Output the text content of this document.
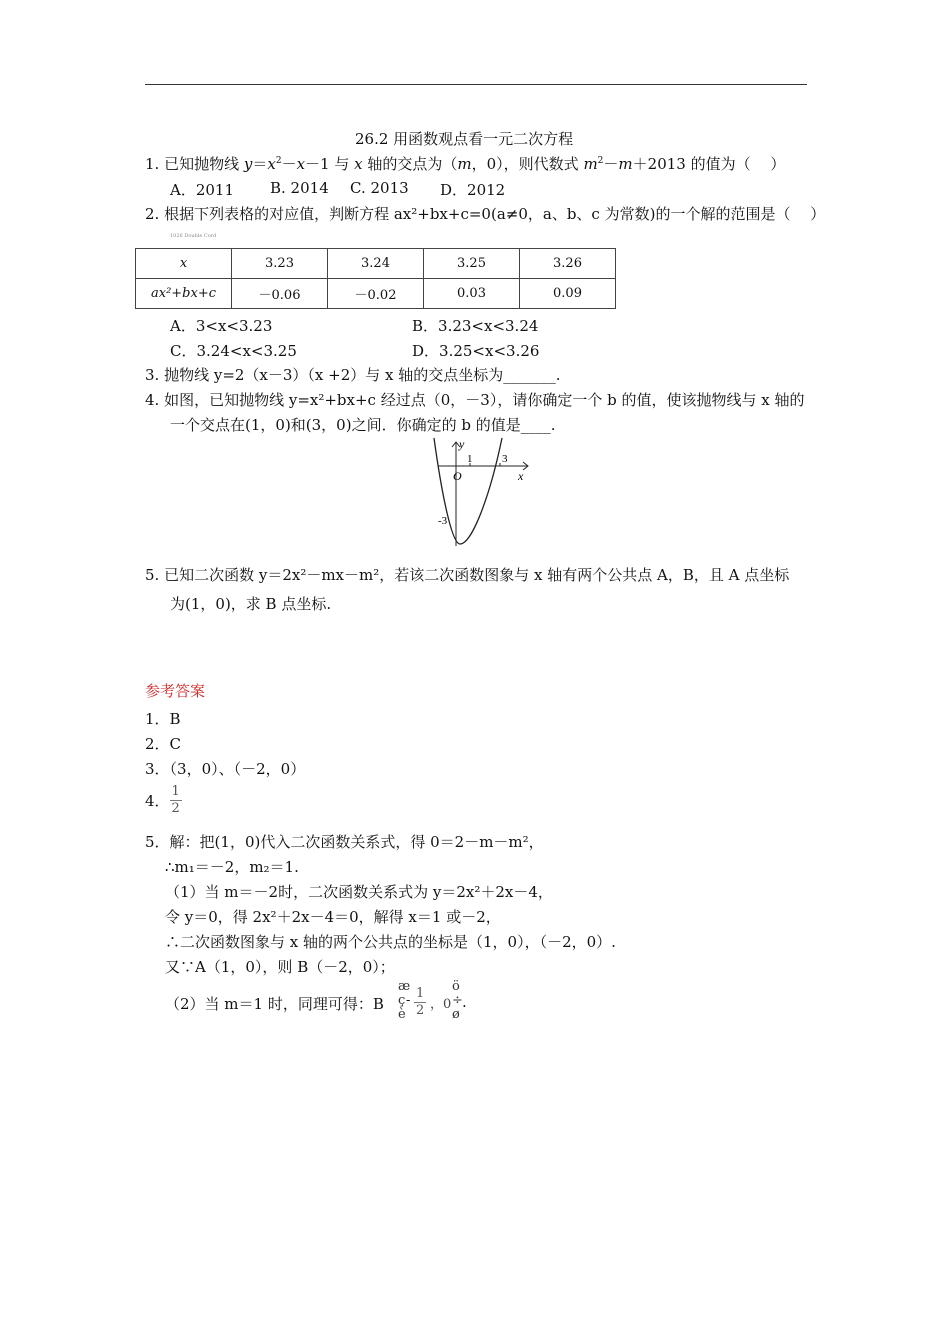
26.2 用函数观点看一元二次方程
1. 已知抛物线 $y=x^2-x-1$ 与 x 轴的交点为（m，0），则代数式 $m^2-m+2013$ 的值为（　 ）
A．2011 B. 2014 C. 2013 D．2012
2. 根据下列表格的对应值，判断方程 ax²+bx+c=0(a≠0，a、b、c 为常数)的一个解的范围是（　 ）
1026 Double Cord
x	3.23	3.24	3.25	3.26
ax²+bx+c	－0.06	－0.02	0.03	0.09
A．3<x<3.23	B．3.23<x<3.24
C．3.24<x<3.25	D．3.25<x<3.26
3. 抛物线 y=2（x－3）（x +2）与 x 轴的交点坐标为_______.
4. 如图，已知抛物线 y=x²+bx+c 经过点（0，－3），请你确定一个 b 的值，使该抛物线与 x 轴的
一个交点在(1，0)和(3，0)之间．你确定的 b 的值是____.
y
x
O
1	3
-3
5. 已知二次函数 y＝2x²－mx－m²，若该二次函数图象与 x 轴有两个公共点 A，B，且 A 点坐标
为(1，0)，求 B 点坐标.
参考答案
1．B
2．C
3．（3，0）、（－2，0）
4． $\frac{1}{2}$
5．解：把(1，0)代入二次函数关系式，得 0＝2－m－m²，
∴m₁＝－2，m₂＝1.
（1）当 m＝－2时，二次函数关系式为 y＝2x²＋2x－4，
令 y＝0，得 2x²＋2x－4＝0，解得 x＝1 或－2，
∴二次函数图象与 x 轴的两个公共点的坐标是（1，0），（－2，0）.
又∵A（1，0），则 B（－2，0）；
（2）当 m＝1 时，同理可得：B
æ
ç
è
- $\frac{1}{2}$ ，0
ö
÷
ø
.
